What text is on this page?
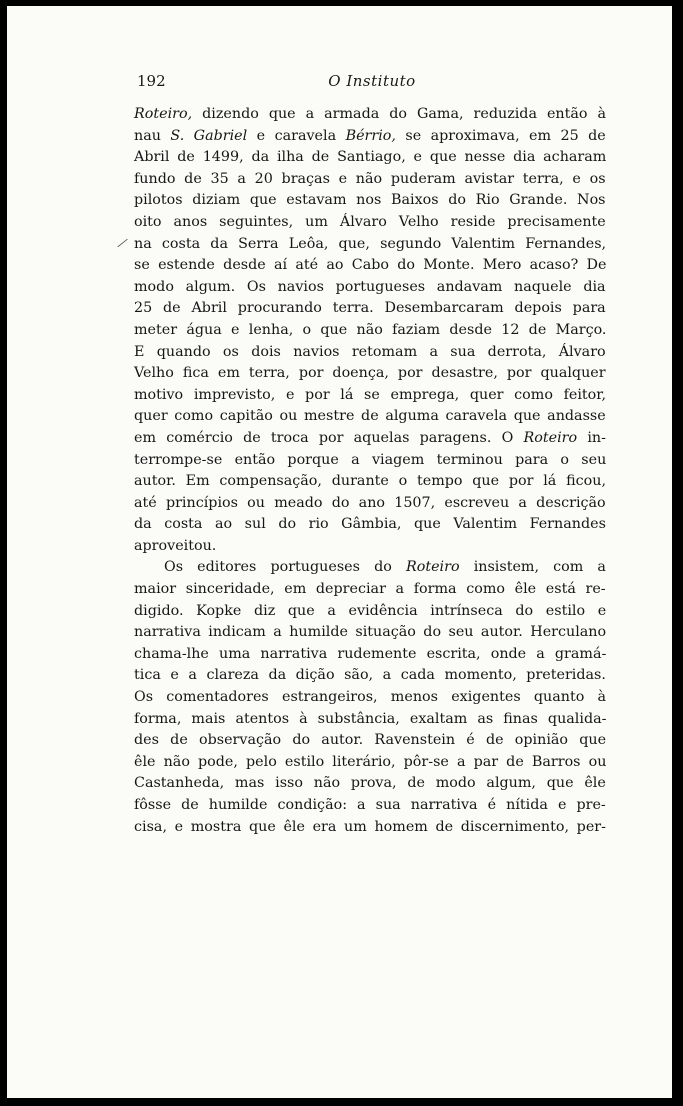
192	O Instituto
⁄
Roteiro, dizendo que a armada do Gama, reduzida então à
nau S. Gabriel e caravela Bérrio, se aproximava, em 25 de
Abril de 1499, da ilha de Santiago, e que nesse dia acharam
fundo de 35 a 20 braças e não puderam avistar terra, e os
pilotos diziam que estavam nos Baixos do Rio Grande. Nos
oito anos seguintes, um Álvaro Velho reside precisamente
na costa da Serra Leôa, que, segundo Valentim Fernandes,
se estende desde aí até ao Cabo do Monte. Mero acaso? De
modo algum. Os navios portugueses andavam naquele dia
25 de Abril procurando terra. Desembarcaram depois para
meter água e lenha, o que não faziam desde 12 de Março.
E quando os dois navios retomam a sua derrota, Álvaro
Velho fica em terra, por doença, por desastre, por qualquer
motivo imprevisto, e por lá se emprega, quer como feitor,
quer como capitão ou mestre de alguma caravela que andasse
em comércio de troca por aquelas paragens. O Roteiro in-
terrompe-se então porque a viagem terminou para o seu
autor. Em compensação, durante o tempo que por lá ficou,
até princípios ou meado do ano 1507, escreveu a descrição
da costa ao sul do rio Gâmbia, que Valentim Fernandes
aproveitou.
Os editores portugueses do Roteiro insistem, com a
maior sinceridade, em depreciar a forma como êle está re-
digido. Kopke diz que a evidência intrínseca do estilo e
narrativa indicam a humilde situação do seu autor. Herculano
chama-lhe uma narrativa rudemente escrita, onde a gramá-
tica e a clareza da dição são, a cada momento, preteridas.
Os comentadores estrangeiros, menos exigentes quanto à
forma, mais atentos à substância, exaltam as finas qualida-
des de observação do autor. Ravenstein é de opinião que
êle não pode, pelo estilo literário, pôr-se a par de Barros ou
Castanheda, mas isso não prova, de modo algum, que êle
fôsse de humilde condição: a sua narrativa é nítida e pre-
cisa, e mostra que êle era um homem de discernimento, per-
